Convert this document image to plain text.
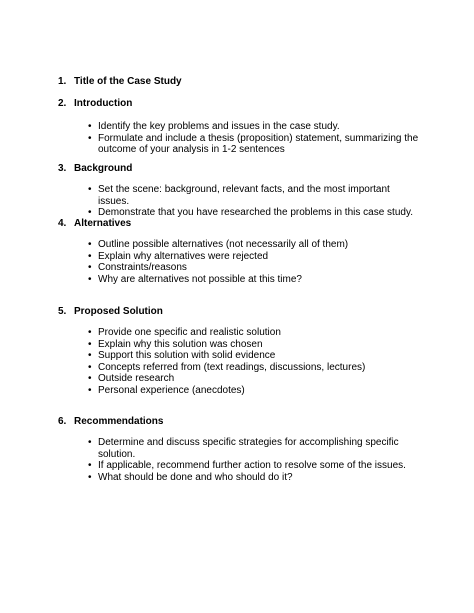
1. Title of the Case Study
2. Introduction
• Identify the key problems and issues in the case study.
• Formulate and include a thesis (proposition) statement, summarizing the outcome of your analysis in 1-2 sentences
3. Background
• Set the scene: background, relevant facts, and the most important issues.
• Demonstrate that you have researched the problems in this case study.
4. Alternatives
• Outline possible alternatives (not necessarily all of them)
• Explain why alternatives were rejected
• Constraints/reasons
• Why are alternatives not possible at this time?
5. Proposed Solution
• Provide one specific and realistic solution
• Explain why this solution was chosen
• Support this solution with solid evidence
• Concepts referred from (text readings, discussions, lectures)
• Outside research
• Personal experience (anecdotes)
6. Recommendations
• Determine and discuss specific strategies for accomplishing specific solution.
• If applicable, recommend further action to resolve some of the issues.
• What should be done and who should do it?
